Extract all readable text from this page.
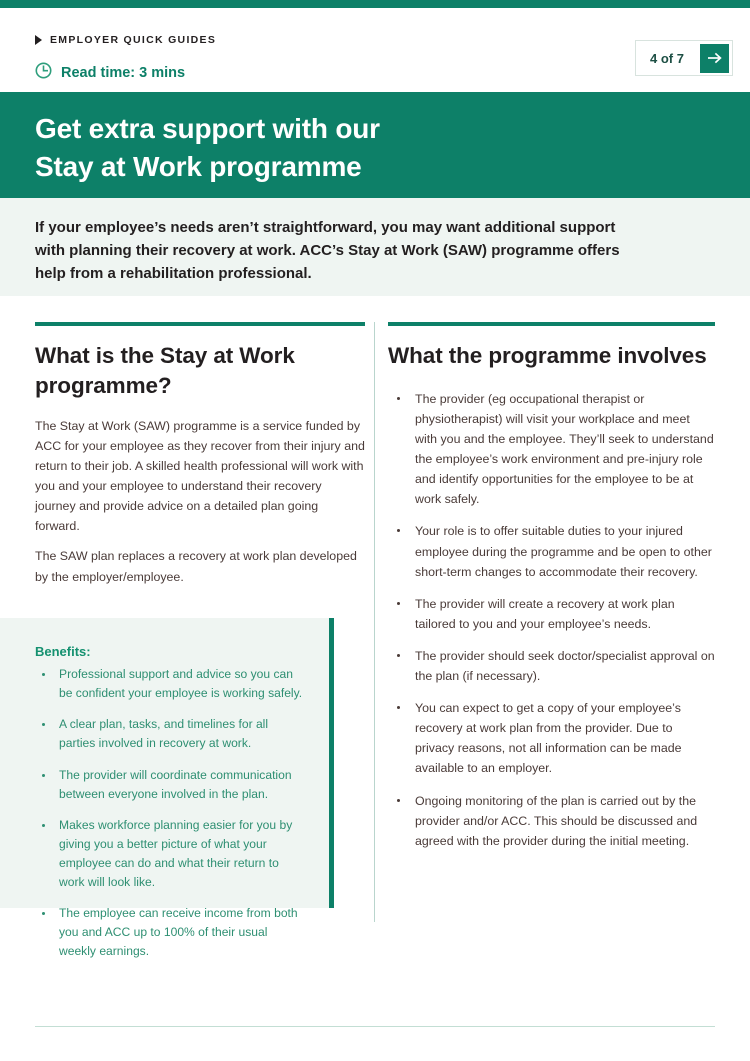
EMPLOYER QUICK GUIDES
Read time: 3 mins
4 of 7
Get extra support with our
Stay at Work programme

If your employee’s needs aren’t straightforward, you may want additional support with planning their recovery at work. ACC’s Stay at Work (SAW) programme offers help from a rehabilitation professional.

What is the Stay at Work programme?

The Stay at Work (SAW) programme is a service funded by ACC for your employee as they recover from their injury and return to their job. A skilled health professional will work with you and your employee to understand their recovery journey and provide advice on a detailed plan going forward.

The SAW plan replaces a recovery at work plan developed by the employer/employee.

Benefits:

Professional support and advice so you can be confident your employee is working safely.
A clear plan, tasks, and timelines for all parties involved in recovery at work.
The provider will coordinate communication between everyone involved in the plan.
Makes workforce planning easier for you by giving you a better picture of what your employee can do and what their return to work will look like.
The employee can receive income from both you and ACC up to 100% of their usual weekly earnings.
What the programme involves
The provider (eg occupational therapist or physiotherapist) will visit your workplace and meet with you and the employee. They’ll seek to understand the employee’s work environment and pre-injury role and identify opportunities for the employee to be at work safely.
Your role is to offer suitable duties to your injured employee during the programme and be open to other short-term changes to accommodate their recovery.
The provider will create a recovery at work plan tailored to you and your employee’s needs.
The provider should seek doctor/specialist approval on the plan (if necessary).
You can expect to get a copy of your employee’s recovery at work plan from the provider. Due to privacy reasons, not all information can be made available to an employer.
Ongoing monitoring of the plan is carried out by the provider and/or ACC. This should be discussed and agreed with the provider during the initial meeting.
